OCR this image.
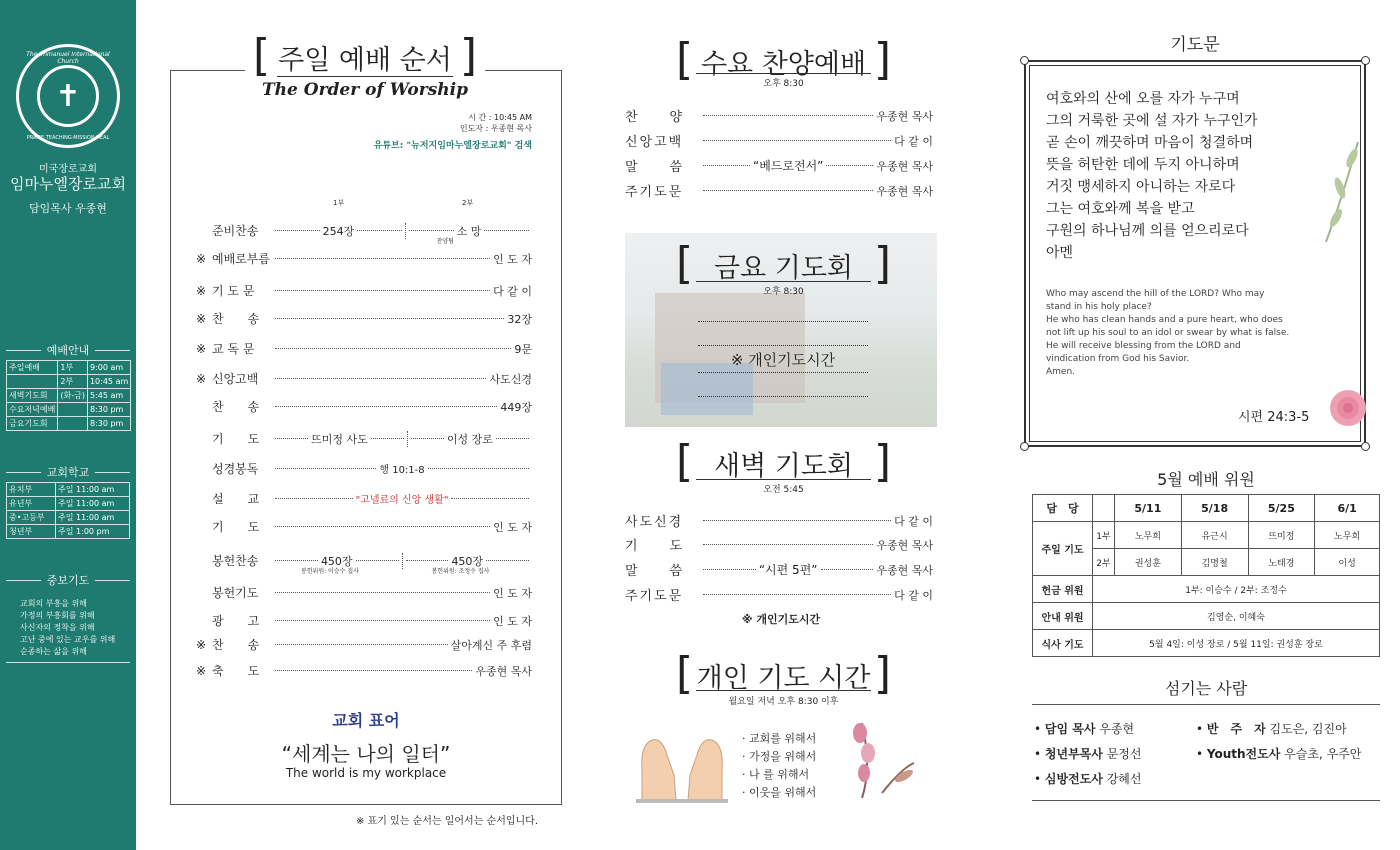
The Immanuel International Church
✝
PRAISE·TEACHING·MISSION·HEAL
미국장로교회
임마누엘장로교회
담임목사 우종현
예배안내
주일예배	1부	9:00 am
	2부	10:45 am
새벽기도회	(화-금)	5:45 am
수요저녁예배		8:30 pm
금요기도회		8:30 pm
교회학교
유치부	주일 11:00 am
유년부	주일 11:00 am
중•고등부	주일 11:00 am
청년부	주일 1:00 pm
중보기도
교회의 부흥을 위해
가정의 부흥회를 위해
사신자의 정착을 위해
고난 중에 있는 교우를 위해
순종하는 삶을 위해
[	]
주일 예배 순서
The Order of Worship
시 간 : 10:45 AM
인도자 : 우종현 목사
유튜브: "뉴저지임마누엘장로교회" 검색
1부	2부
준비찬송	254장	소 망
찬양팀
※ 예배로부름	인 도 자
※ 기 도 문	다 같 이
※ 찬　　송	32장
※ 교 독 문	9문
※ 신앙고백	사도신경
찬　　송	449장
기　　도	뜨미정 사도	이성 장로
성경봉독	행 10:1-8
설　　교	"고넬료의 신앙 생활"
기　　도	인 도 자
봉헌찬송	450장
봉헌위원: 이승수 집사
450장
봉헌위원: 조정수 집사
봉헌기도	인 도 자
광　　고	인 도 자
※ 찬　　송	살아계신 주 후렴
※ 축　　도	우종현 목사
교회 표어
“세계는 나의 일터”
The world is my workplace
※ 표기 있는 순서는 일어서는 순서입니다.
[	]
수요 찬양예배
오후 8:30
찬　　양	우종현 목사
신앙고백	다 같 이
말　　씀	“베드로전서”	우종현 목사
주기도문	우종현 목사
[	]
금요 기도회
오후 8:30
※ 개인기도시간
[	]
새벽 기도회
오전 5:45
사도신경	다 같 이
기　　도	우종현 목사
말　　씀	“시편 5편”	우종현 목사
주기도문	다 같 이
※ 개인기도시간
[	]
개인 기도 시간
월요일 저녁 오후 8:30 이후
· 교회를 위해서
· 가정을 위해서
· 나 를 위해서
· 이웃을 위해서
기도문
여호와의 산에 오를 자가 누구며
그의 거룩한 곳에 설 자가 누구인가
곧 손이 깨끗하며 마음이 청결하며
뜻을 허탄한 데에 두지 아니하며
거짓 맹세하지 아니하는 자로다
그는 여호와께 복을 받고
구원의 하나님께 의를 얻으리로다
아멘
Who may ascend the hill of the LORD? Who may
stand in his holy place?
He who has clean hands and a pure heart, who does
not lift up his soul to an idol or swear by what is false.
He will receive blessing from the LORD and
vindication from God his Savior.
Amen.
시편 24:3-5
5월 예배 위원
담　당		5/11	5/18	5/25	6/1
주일 기도	1부	노무희	유근시	뜨미정	노무희
	2부	권성훈	김명철	노태경	이성
헌금 위원	1부: 이승수 / 2부: 조정수				
안내 위원	김영순, 이혜숙				
식사 기도	5월 4일: 이성 장로 / 5월 11일: 권성훈 장로				
섬기는 사람
• 담임 목사 우종현
• 청년부목사 문정선
• 심방전도사 강혜선
• 반　주　자 김도은, 김진아
• Youth전도사 우슬초, 우주안
